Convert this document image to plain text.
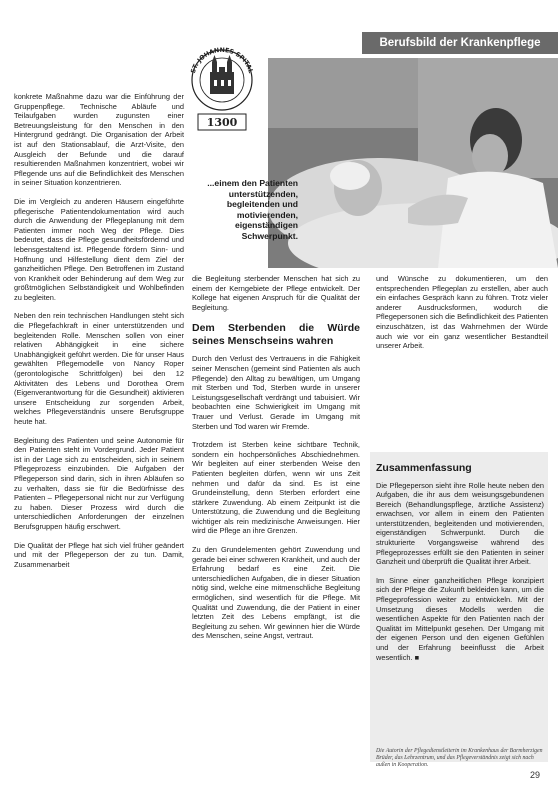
Berufsbild der Krankenpflege
ST. JOHANNES SPITAL
1300
...einem den Patienten unterstützenden, begleitenden und motivierenden, eigenständigen Schwerpunkt.

konkrete Maßnahme dazu war die Einführung der Gruppenpflege. Technische Abläufe und Teilaufgaben wurden zugunsten einer Betreuungsleistung für den Menschen in den Hintergrund gedrängt. Die Organisation der Arbeit ist auf den Stationsablauf, die Arzt-Visite, den Ausgleich der Befunde und die darauf resultierenden Maßnahmen konzentriert, wobei wir Pflegende uns auf die Befindlichkeit des Menschen in seiner Situation konzentrieren.

Die im Vergleich zu anderen Häusern eingeführte pflegerische Patientendokumentation wird auch durch die Anwendung der Pflegeplanung mit dem Patienten immer noch Weg der Pflege. Dies bedeutet, dass die Pflege gesundheitsfördernd und lebensgestaltend ist. Pflegende fördern Sinn- und Hoffnung und Hilfestellung dient dem Ziel der ganzheitlichen Pflege. Den Betroffenen im Zustand von Krankheit oder Behinderung auf dem Weg zur größtmöglichen Selbständigkeit und Wohlbefinden zu begleiten.

Neben den rein technischen Handlungen steht sich die Pflegefachkraft in einer unterstützenden und begleitenden Rolle. Menschen sollen von einer relativen Abhängigkeit in eine sichere Unabhängigkeit geführt werden. Die für unser Haus gewählten Pflegemodelle von Nancy Roper (gerontologische Schrittfolgen) bei den 12 Aktivitäten des Lebens und Dorothea Orem (Eigenverantwortung für die Gesundheit) aktivieren unsere Entscheidung zur sorgenden Arbeit, welches Pflegeverständnis unsere Berufsgruppe heute hat.

Begleitung des Patienten und seine Autonomie für den Patienten steht im Vordergrund. Jeder Patient ist in der Lage sich zu entscheiden, sich in seinem Pflegeprozess einzubinden. Die Aufgaben der Pflegeperson sind darin, sich in ihren Abläufen so zu verhalten, dass sie für die Bedürfnisse des Patienten – Pflegepersonal nicht nur zur Verfügung zu haben. Dieser Prozess wird durch die unterschiedlichen Anforderungen der einzelnen Berufsgruppen häufig erschwert.

Die Qualität der Pflege hat sich viel früher geändert und mit der Pflegeperson der zu tun. Damit, Zusammenarbeit

die Begleitung sterbender Menschen hat sich zu einem der Kerngebiete der Pflege entwickelt. Der Kollege hat eigenen Anspruch für die Qualität der Begleitung.

Dem Sterbenden die Würde seines Menschseins wahren

Durch den Verlust des Vertrauens in die Fähigkeit seiner Menschen (gemeint sind Patienten als auch Pflegende) den Alltag zu bewältigen, um Umgang mit Sterben und Tod, Sterben wurde in unserer Leistungsgesellschaft verdrängt und tabuisiert. Wir beobachten eine Schwierigkeit im Umgang mit Trauer und Verlust. Gerade im Umgang mit Sterben und Tod waren wir Fremde.

Trotzdem ist Sterben keine sichtbare Technik, sondern ein hochpersönliches Abschiednehmen. Wir begleiten auf einer sterbenden Weise den Patienten begleiten dürfen, wenn wir uns Zeit nehmen und dafür da sind. Es ist eine Grundeinstellung, denn Sterben erfordert eine stärkere Zuwendung. Ab einem Zeitpunkt ist die Unterstützung, die Zuwendung und die Begleitung wichtiger als rein medizinische Anweisungen. Hier wird die Pflege an ihre Grenzen.

Zu den Grundelementen gehört Zuwendung und gerade bei einer schweren Krankheit, und auch der Erfahrung bedarf es eine Zeit. Die unterschiedlichen Aufgaben, die in dieser Situation nötig sind, welche eine mitmenschliche Begleitung ermöglichen, sind wesentlich für die Pflege. Mit Qualität und Zuwendung, die der Patient in einer letzten Zeit des Lebens empfängt, ist die Begleitung zu sehen. Wir gewinnen hier die Würde des Menschen, seine Angst, vertraut.

und Wünsche zu dokumentieren, um den entsprechenden Pflegeplan zu erstellen, aber auch ein einfaches Gespräch kann zu führen. Trotz vieler anderer Ausdrucksformen, wodurch die Pflegepersonen sich die Befindlichkeit des Patienten einzuschätzen, ist das Wahrnehmen der Würde auch wie vor ein ganz wesentlicher Bestandteil unserer Arbeit.

Zusammenfassung

Die Pflegeperson sieht ihre Rolle heute neben den Aufgaben, die ihr aus dem weisungsgebundenen Bereich (Behandlungspflege, ärztliche Assistenz) erwachsen, vor allem in einem den Patienten unterstützenden, begleitenden und motivierenden, eigenständigen Schwerpunkt. Durch die strukturierte Vorgangsweise während des Pflegeprozesses erfüllt sie den Patienten in seiner Ganzheit und überprüft die Qualität ihrer Arbeit.

Im Sinne einer ganzheitlichen Pflege konzipiert sich der Pflege die Zukunft bekleiden kann, um die Pflegeprofession weiter zu entwickeln. Mit der Umsetzung dieses Modells werden die wesentlichen Aspekte für den Patienten nach der Qualität im Mittelpunkt gesehen. Der Umgang mit der eigenen Person und den eigenen Gefühlen und der Erfahrung beeinflusst die Arbeit wesentlich. ■

Die Autorin der Pflegedienstleiterin im Krankenhaus der Barmherzigen Brüder, das Lehrzentrum, und das Pflegeverständnis zeigt sich nach außen in Kooperation.
29
